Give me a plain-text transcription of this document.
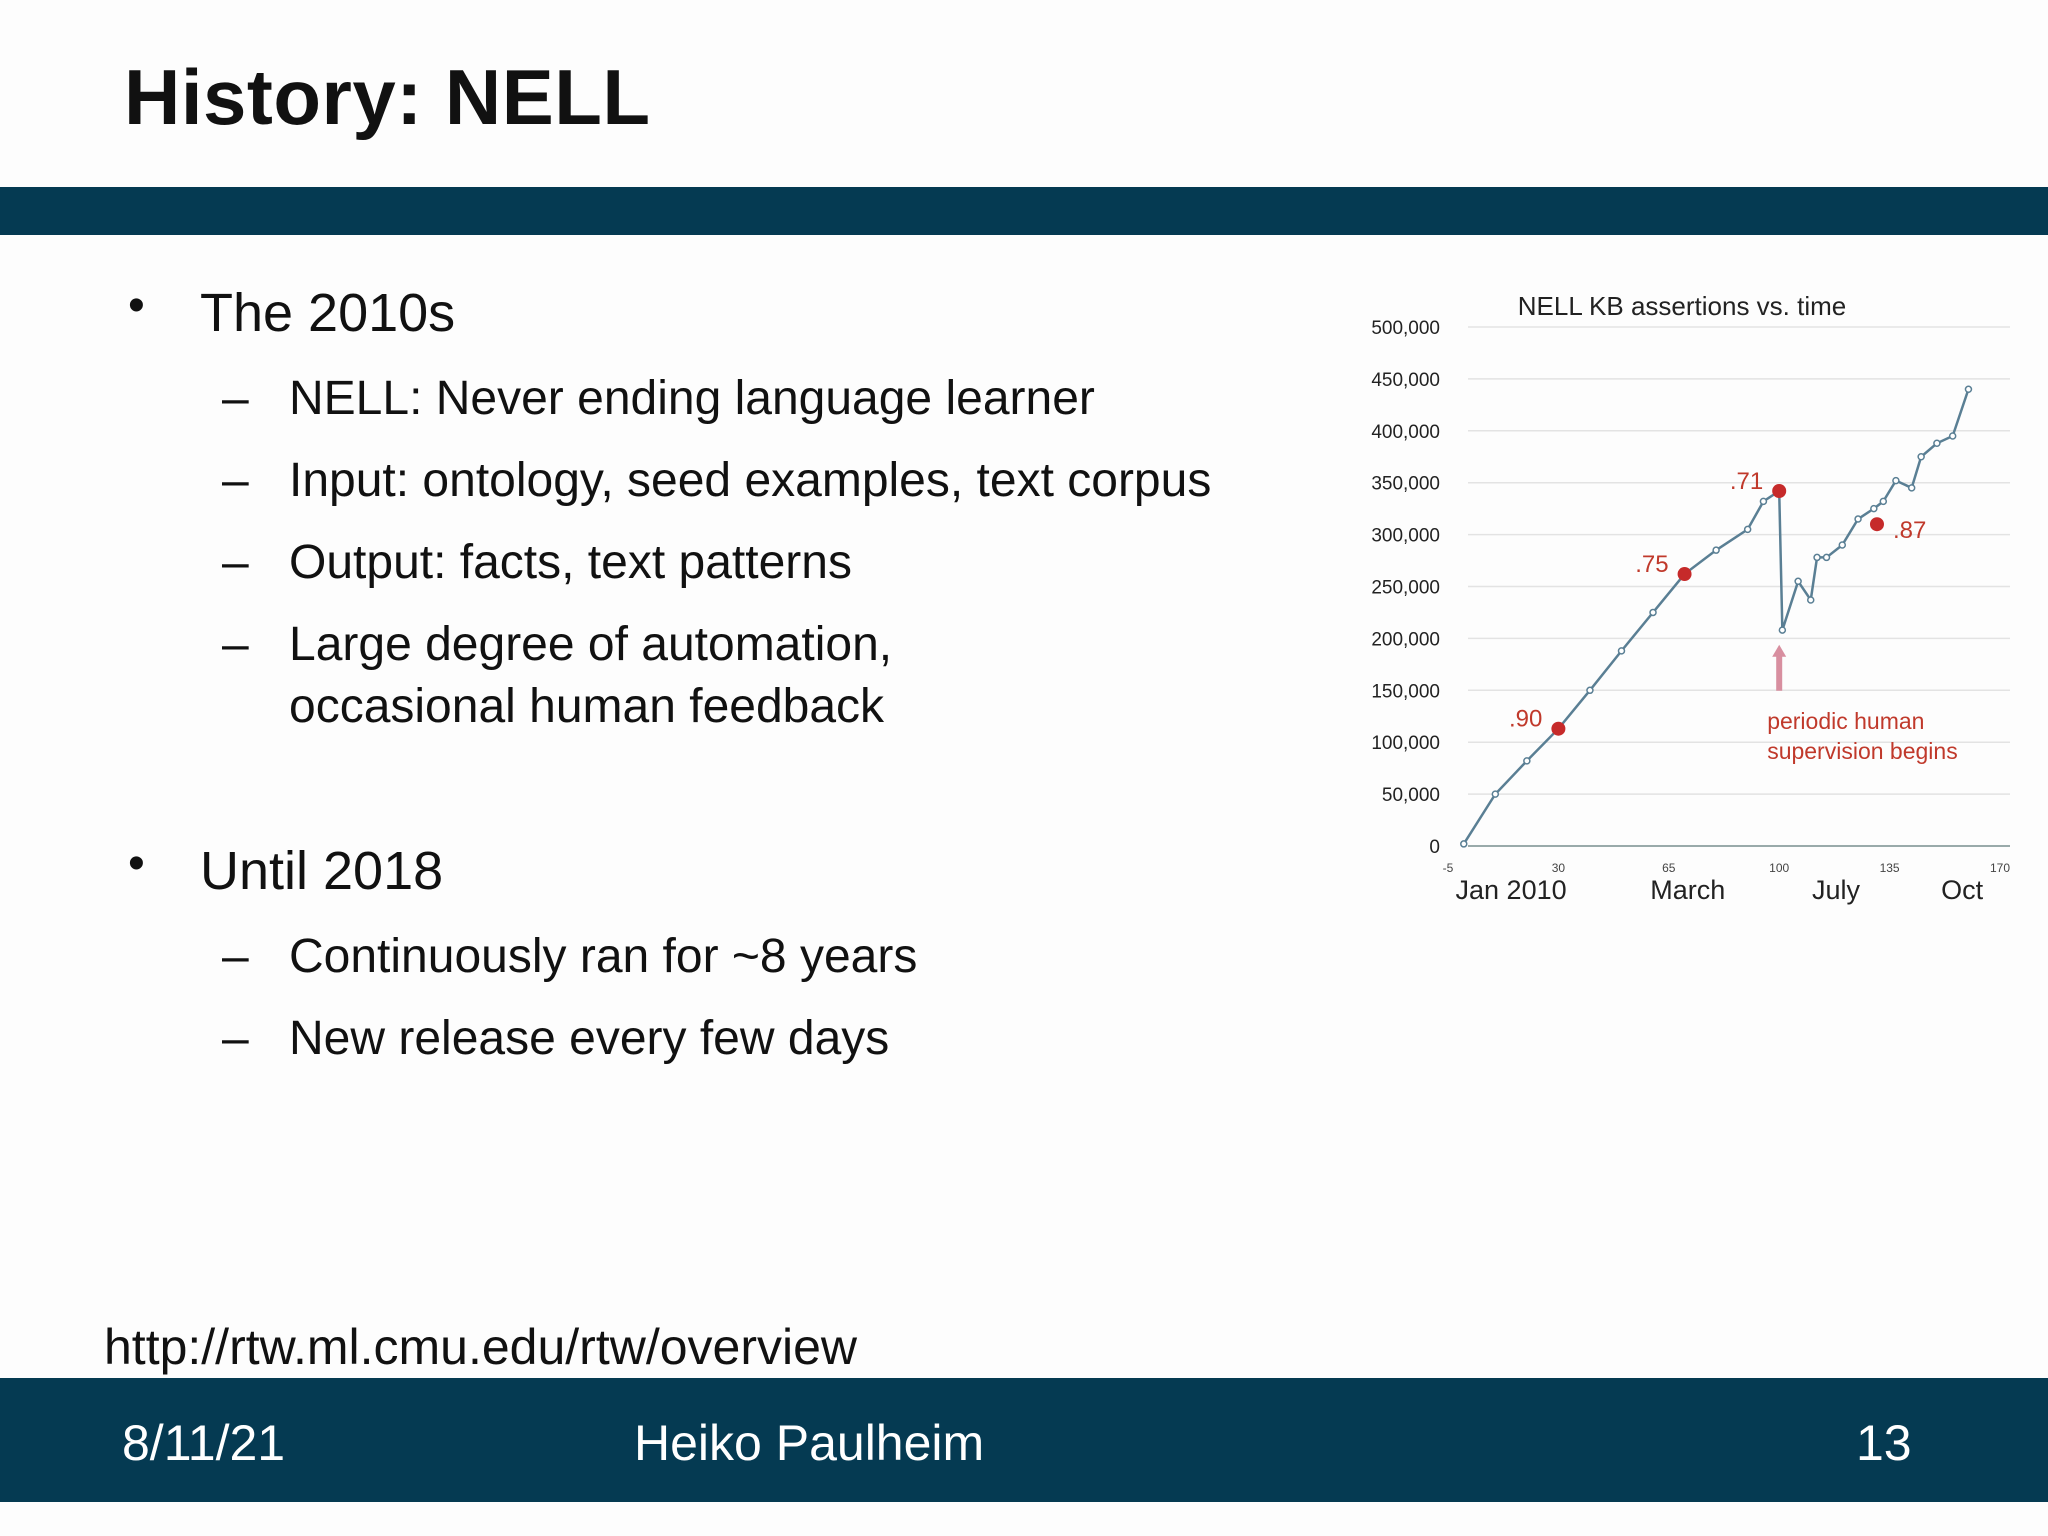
History: NELL
• The 2010s
– NELL: Never ending language learner
– Input: ontology, seed examples, text corpus
– Output: facts, text patterns
– Large degree of automation,
occasional human feedback
• Until 2018
– Continuously ran for ~8 years
– New release every few days
NELL KB assertions vs. time
0
50,000
100,000
150,000
200,000
250,000
300,000
350,000
400,000
450,000
500,000
-5	30	65	100	135	170
Jan 2010	March	July	Oct
.90
.75
.71
.87
periodic human
supervision begins
http://rtw.ml.cmu.edu/rtw/overview
8/11/21	Heiko Paulheim	13
